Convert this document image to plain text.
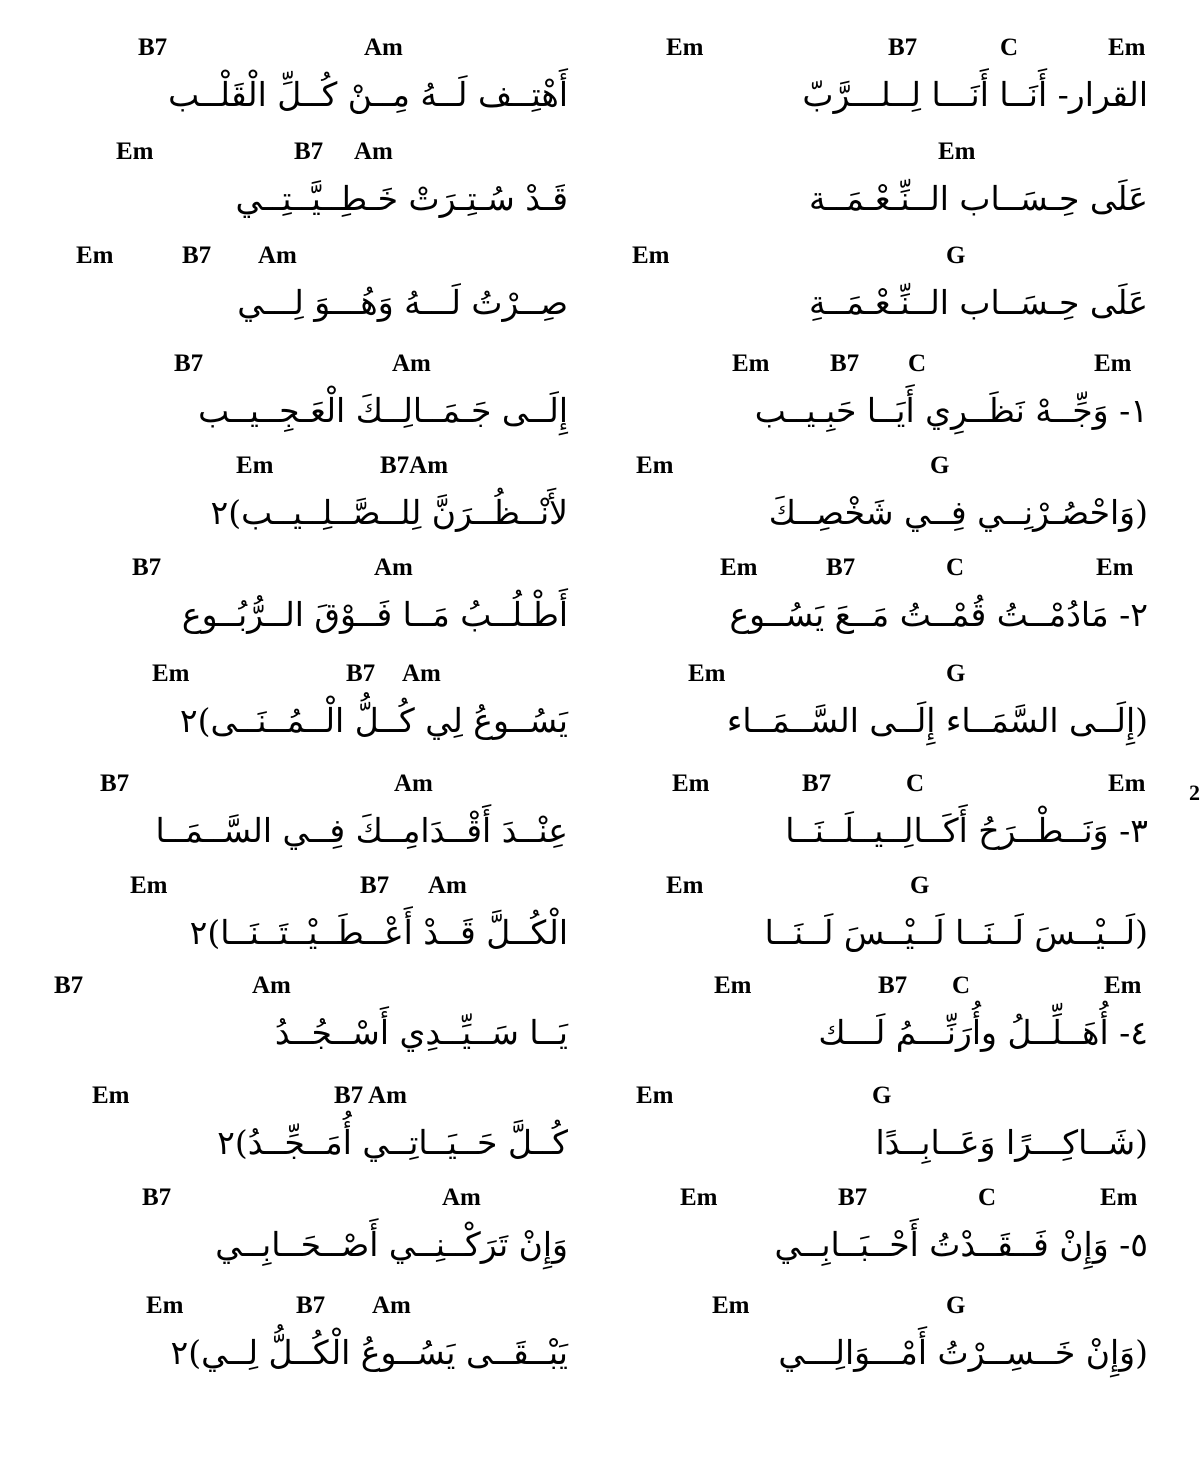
Em	C
B7	Em
القرار- أَنَــا أَنَـــا لِــلـــرَّبّ
Am
B7
أَهْتِــف لَــهُ مِــنْ كُــلِّ الْقَلْــب
Em
عَلَى حِـسَــاب الــنِّـعْـمَــة
Am
B7
Em
قَـدْ سُـتِـرَتْ خَـطِــيَّــتِــي
G
Em
عَلَى حِـسَــاب الــنِّـعْـمَــةِ
Am
B7
Em
صِــرْتُ لَـــهُ وَهُـــوَ لِـــي
Em	C
B7	Em
١- وَجِّــهْ نَظَــرِي أَيَــا حَبِـيــب
Am
B7
إِلَــى جَـمَــالِــكَ الْعَـجِــيــب
G
Em
(وَاحْصُـرْنِــي فِــي شَخْصِــكَ
B7Am
Em
لأَنْــظُــرَنَّ لِلــصَّــلِــيــب)٢
Em	C
B7	Em
٢- مَادُمْــتُ قُمْــتُ مَــعَ يَسُــوع
Am
B7
أَطْـلُــبُ مَــا فَــوْقَ الــرُّبُــوع
G
Em
(إِلَــى السَّمَــاء إِلَــى السَّــمَــاء
Am
B7
Em
يَسُــوعُ لِي كُــلُّ الْــمُــنَــى)٢
Em	C
B7	Em
٣- وَنَــطْــرَحُ أَكَــالِــيــلَــنَــا
Am
B7
عِنْــدَ أَقْــدَامِــكَ فِــي السَّــمَــا
G
Em
(لَــيْــسَ لَــنَــا لَــيْــسَ لَــنَــا
Am
B7
Em
الْكُــلَّ قَــدْ أَعْــطَــيْــتَــنَــا)٢
Em	C
B7	Em
٤- أُهَــلِّــلُ وأُرَنِّـــمُ لَـــك
Am
B7
يَــا سَــيِّــدِي أَسْــجُــدُ
G
Em
(شَــاكِـــرًا وَعَــابِــدًا
B7 Am
Em
كُــلَّ حَــيَــاتِــي أُمَــجِّــدُ)٢
Em	C
B7	Em
٥- وَإِنْ فَــقَــدْتُ أَحْــبَــابِــي
Am
B7
وَإِنْ تَرَكْــنِــي أَصْــحَــابِــي
G
Em
(وَإِنْ خَــسِــرْتُ أَمْـــوَالِـــي
Am
B7
Em
يَبْــقَــى يَسُــوعُ الْكُــلُّ لِــي)٢
2
